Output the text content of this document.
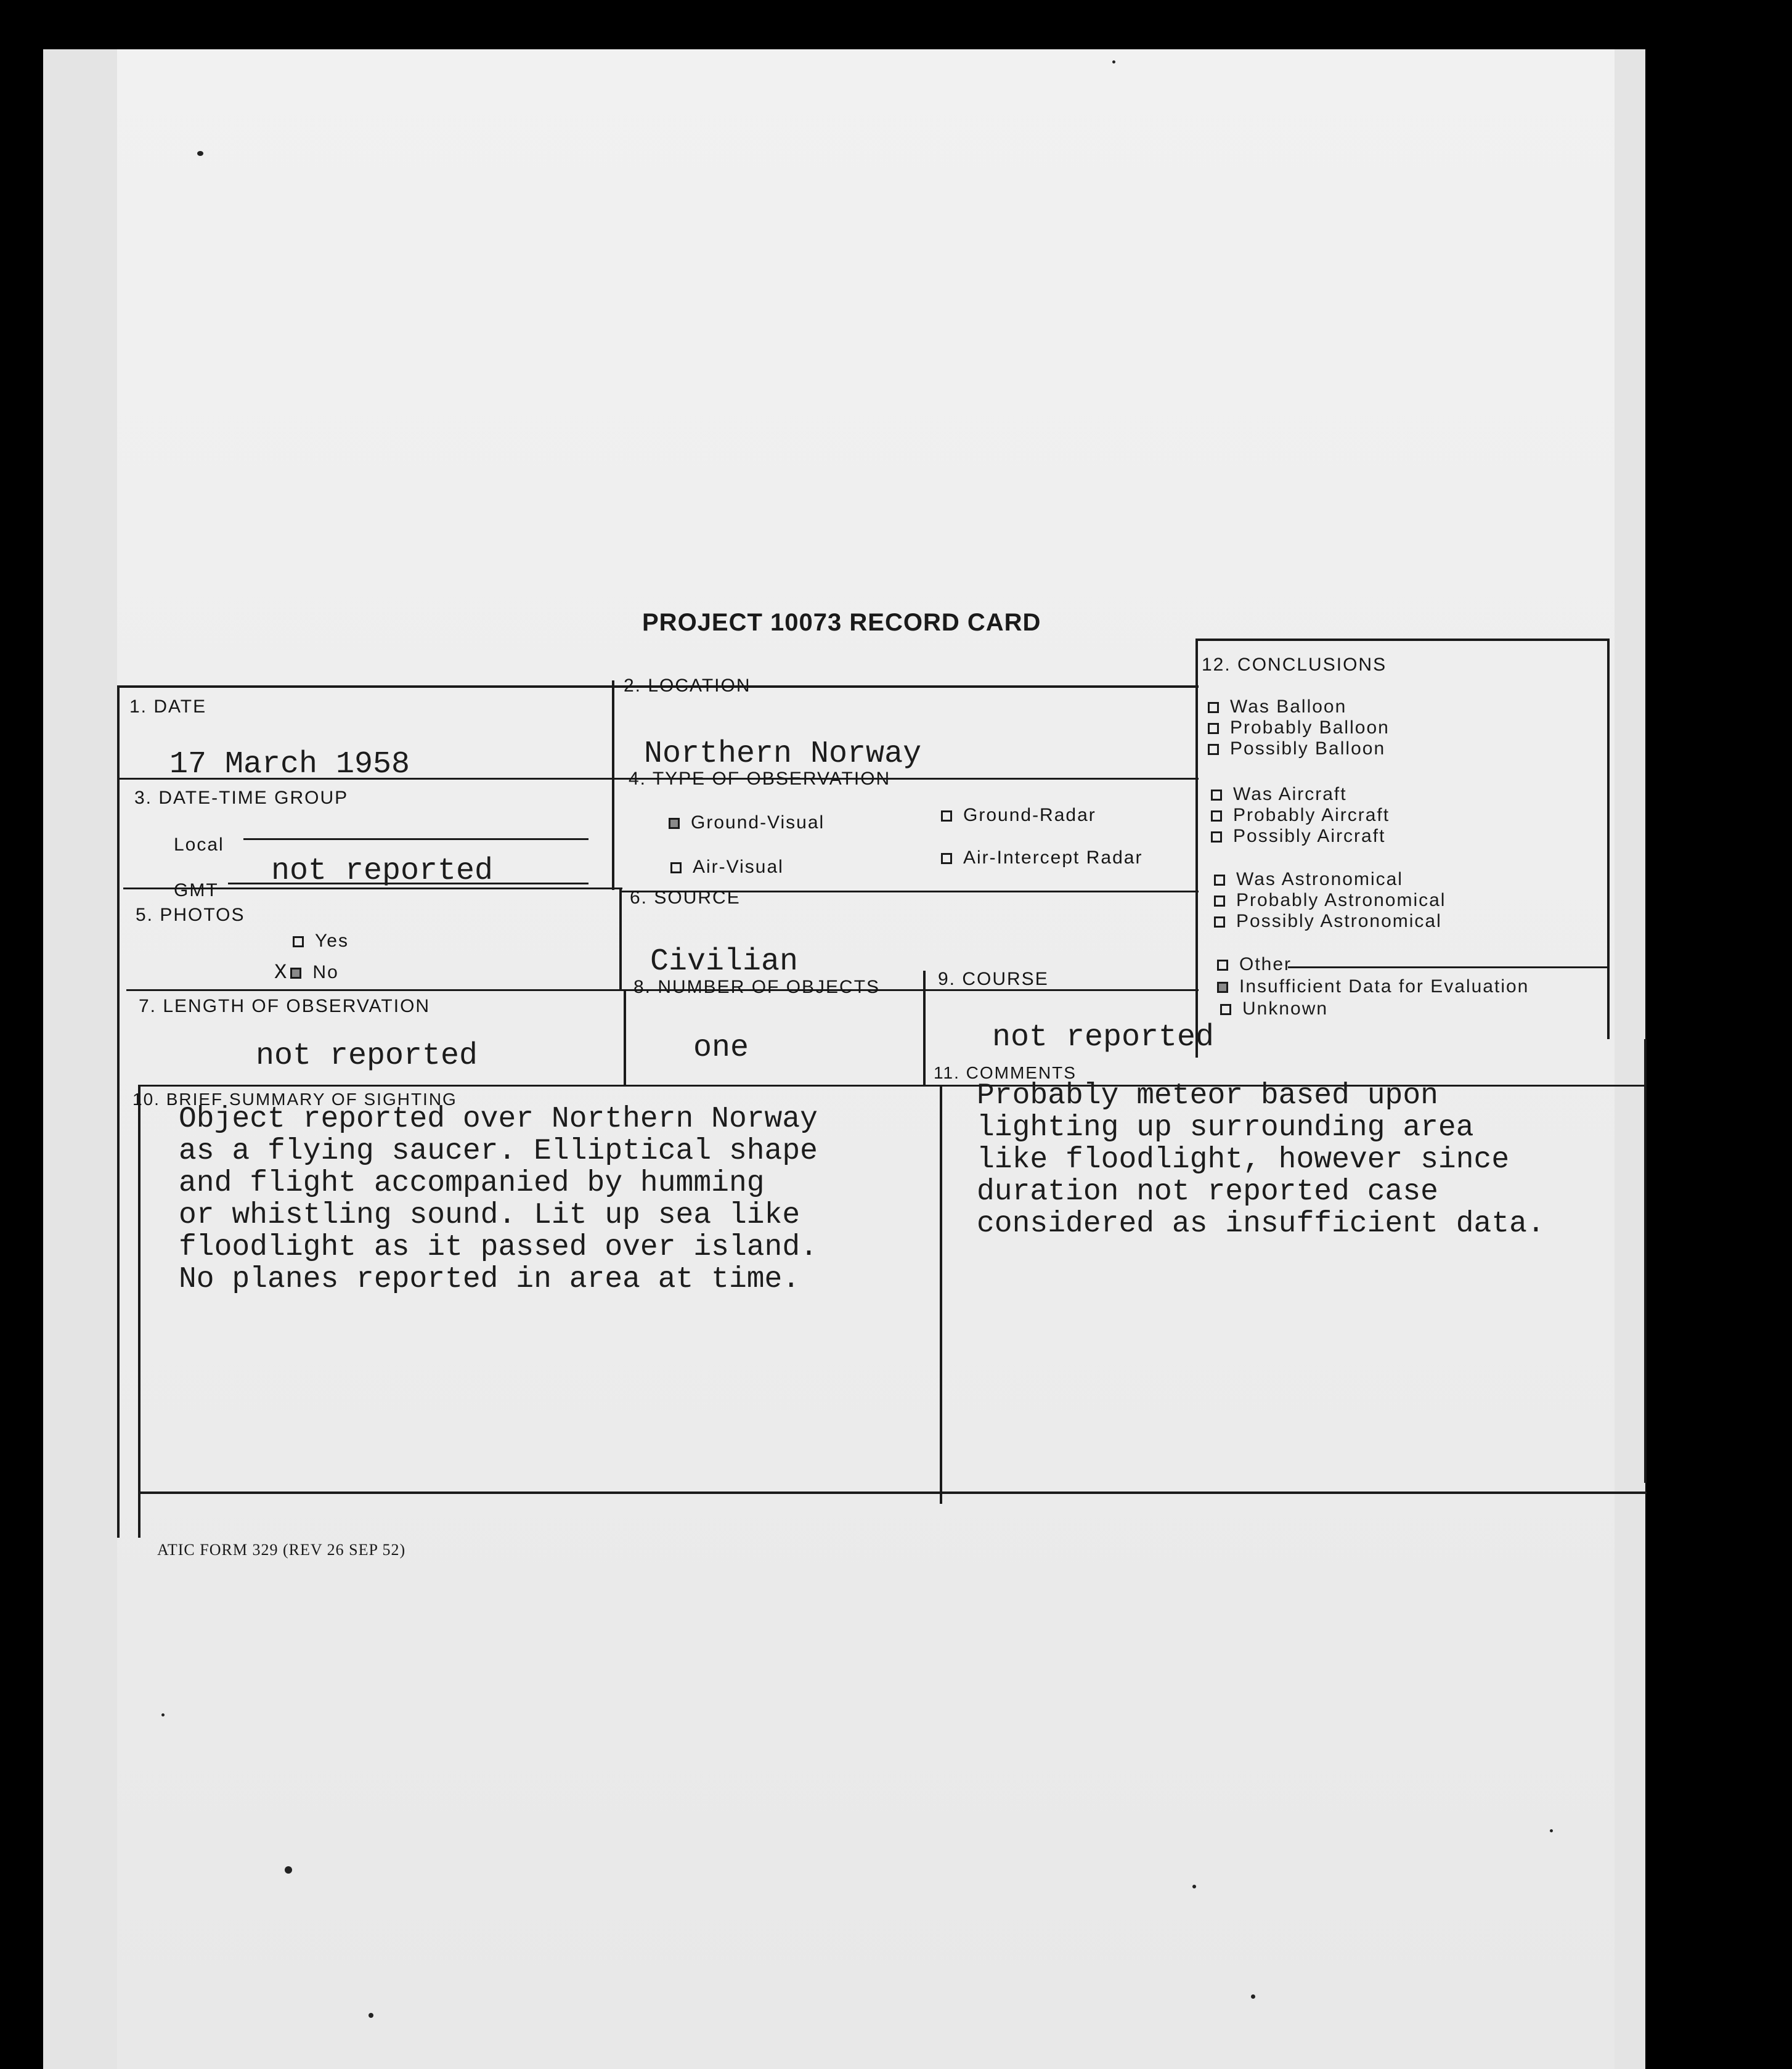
PROJECT 10073 RECORD CARD
1. DATE
17 March 1958
2. LOCATION
Northern Norway
3. DATE-TIME GROUP
Local
GMT
not reported
4. TYPE OF OBSERVATION
Ground-Visual	Ground-Radar
Air-Visual	Air-Intercept Radar
5. PHOTOS
Yes
X No
6. SOURCE
Civilian
7. LENGTH OF OBSERVATION
not reported
8. NUMBER OF OBJECTS
one
9. COURSE
not reported
10. BRIEF SUMMARY OF SIGHTING
Object reported over Northern Norway
as a flying saucer. Elliptical shape
and flight accompanied by humming
or whistling sound. Lit up sea like
floodlight as it passed over island.
No planes reported in area at time.
11. COMMENTS
Probably meteor based upon
lighting up surrounding area
like floodlight, however since
duration not reported case
considered as insufficient data.
12. CONCLUSIONS
Was Balloon
Probably Balloon
Possibly Balloon
Was Aircraft
Probably Aircraft
Possibly Aircraft
Was Astronomical
Probably Astronomical
Possibly Astronomical
Other
Insufficient Data for Evaluation
Unknown
ATIC FORM 329 (REV 26 SEP 52)
